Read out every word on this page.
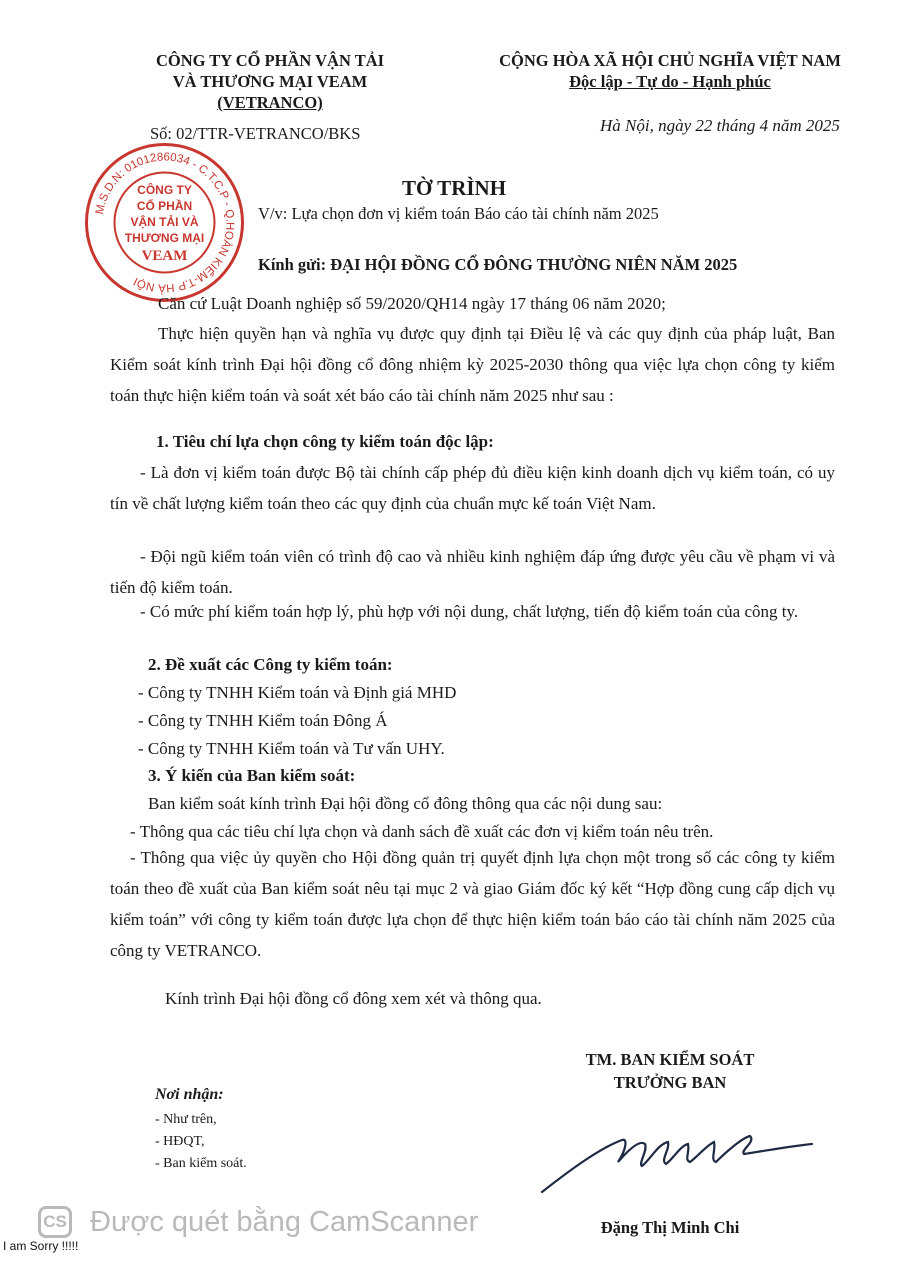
CÔNG TY CỔ PHẦN VẬN TẢI
VÀ THƯƠNG MẠI VEAM
(VETRANCO)
CỘNG HÒA XÃ HỘI CHỦ NGHĨA VIỆT NAM
Độc lập - Tự do - Hạnh phúc
Số: 02/TTR-VETRANCO/BKS	Hà Nội, ngày 22 tháng 4 năm 2025
M.S.D.N: 0101286034 - C.T.C.P - Q.HOÀN KIẾM-T.P HÀ NỘI
CÔNG TY
CỔ PHẦN
VẬN TẢI VÀ
THƯƠNG MẠI
VEAM
TỜ TRÌNH
V/v: Lựa chọn đơn vị kiểm toán Báo cáo tài chính năm 2025
Kính gửi: ĐẠI HỘI ĐỒNG CỔ ĐÔNG THƯỜNG NIÊN NĂM 2025
Căn cứ Luật Doanh nghiệp số 59/2020/QH14 ngày 17 tháng 06 năm 2020;
Thực hiện quyền hạn và nghĩa vụ được quy định tại Điều lệ và các quy định của pháp luật, Ban Kiểm soát kính trình Đại hội đồng cổ đông nhiệm kỳ 2025-2030 thông qua việc lựa chọn công ty kiểm toán thực hiện kiểm toán và soát xét báo cáo tài chính năm 2025 như sau :
1. Tiêu chí lựa chọn công ty kiểm toán độc lập:
- Là đơn vị kiểm toán được Bộ tài chính cấp phép đủ điều kiện kinh doanh dịch vụ kiểm toán, có uy tín về chất lượng kiểm toán theo các quy định của chuẩn mực kế toán Việt Nam.
- Đội ngũ kiểm toán viên có trình độ cao và nhiều kinh nghiệm đáp ứng được yêu cầu về phạm vi và tiến độ kiểm toán.
- Có mức phí kiểm toán hợp lý, phù hợp với nội dung, chất lượng, tiến độ kiểm toán của công ty.
2. Đề xuất các Công ty kiểm toán:
- Công ty TNHH Kiểm toán và Định giá MHD
- Công ty TNHH Kiểm toán Đông Á
- Công ty TNHH Kiểm toán và Tư vấn UHY.
3. Ý kiến của Ban kiểm soát:
Ban kiểm soát kính trình Đại hội đồng cổ đông thông qua các nội dung sau:
- Thông qua các tiêu chí lựa chọn và danh sách đề xuất các đơn vị kiểm toán nêu trên.
- Thông qua việc ủy quyền cho Hội đồng quản trị quyết định lựa chọn một trong số các công ty kiểm toán theo đề xuất của Ban kiểm soát nêu tại mục 2 và giao Giám đốc ký kết “Hợp đồng cung cấp dịch vụ kiểm toán” với công ty kiểm toán được lựa chọn để thực hiện kiểm toán báo cáo tài chính năm 2025 của công ty VETRANCO.
Kính trình Đại hội đồng cổ đông xem xét và thông qua.
TM. BAN KIỂM SOÁT
TRƯỞNG BAN
Đặng Thị Minh Chi
Nơi nhận:
- Như trên,
- HĐQT,
- Ban kiểm soát.
CS Được quét bằng CamScanner
I am Sorry !!!!!
